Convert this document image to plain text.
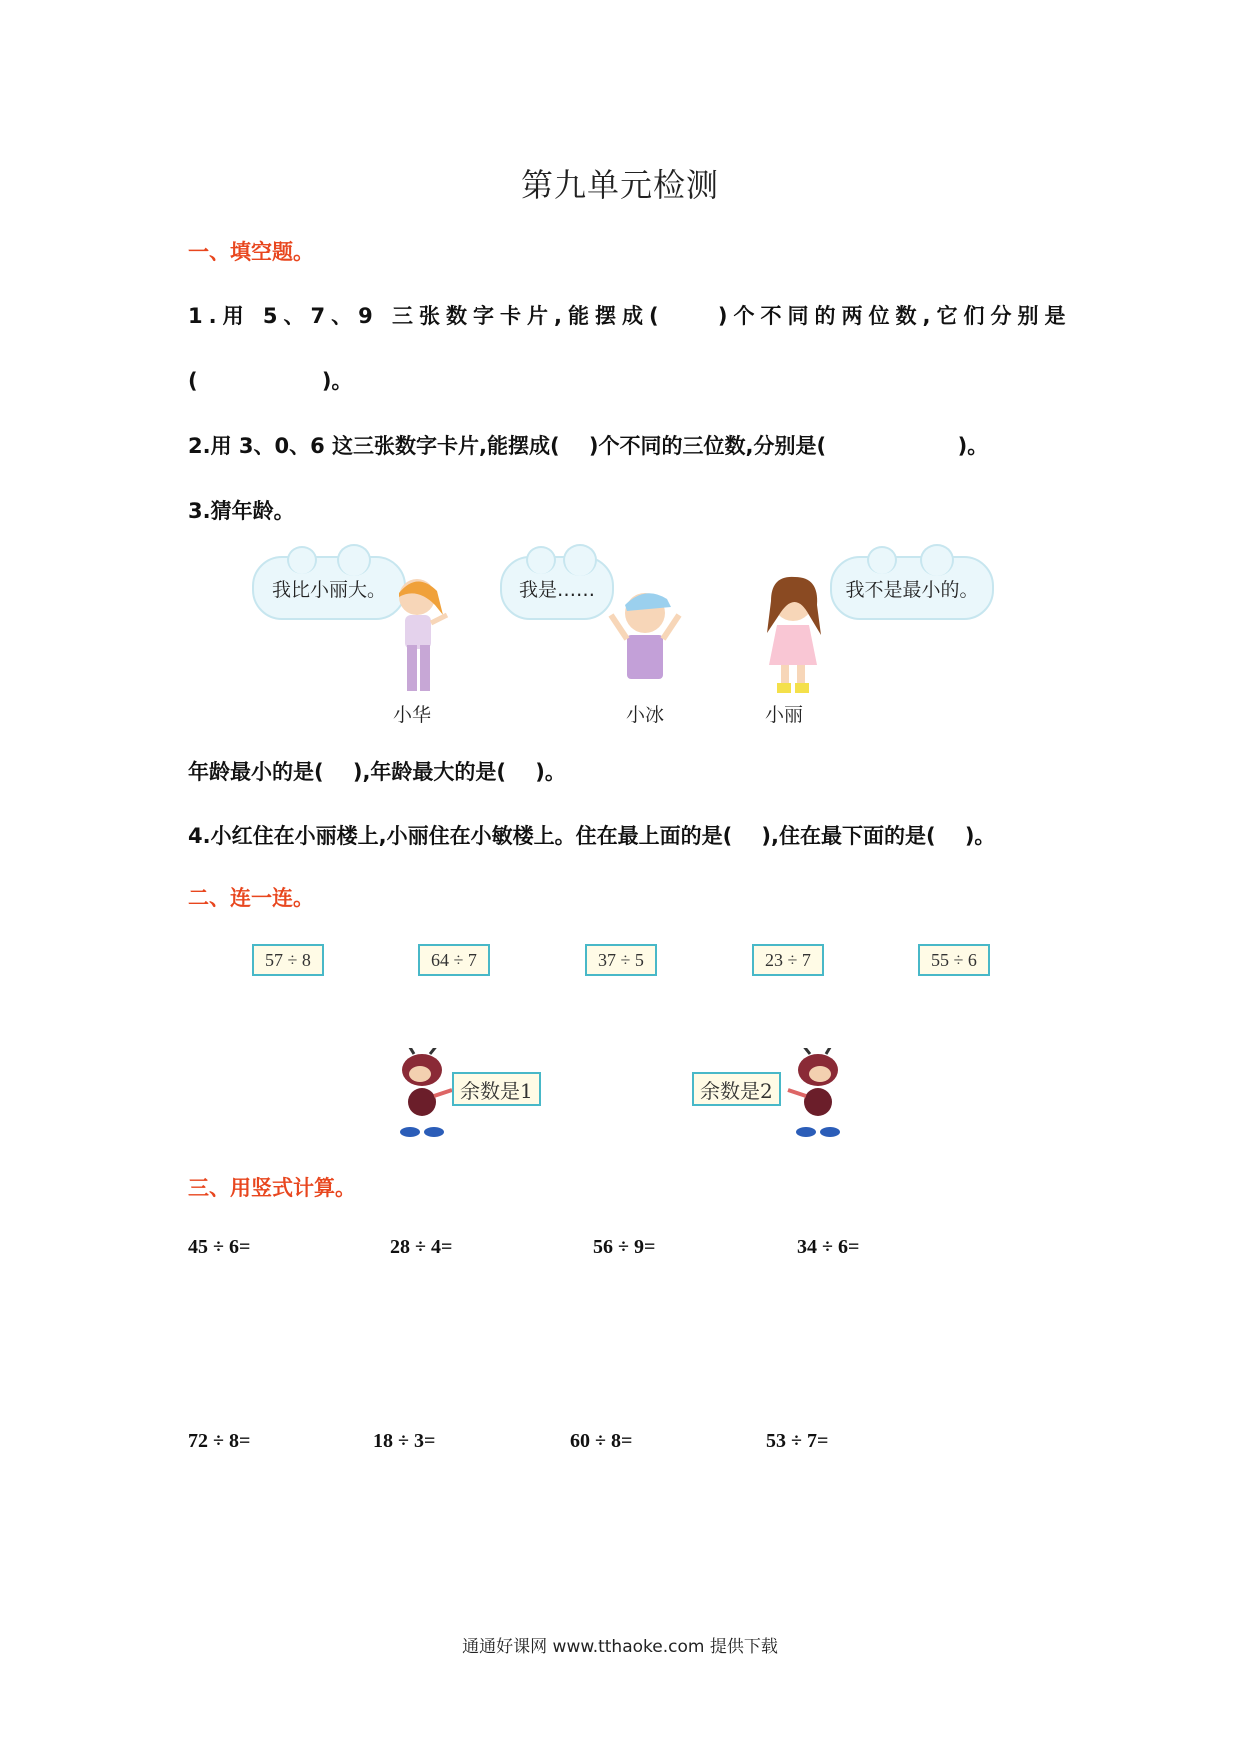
第九单元检测
一、填空题。
1.用 5、7、9 三张数字卡片,能摆成(    )个不同的两位数,它们分别是
(                 )。
2.用 3、0、6 这三张数字卡片,能摆成(    )个不同的三位数,分别是(                  )。
3.猜年龄。
我比小丽大。	我是……	我不是最小的。
小华	小冰	小丽
年龄最小的是(    ),年龄最大的是(    )。
4.小红住在小丽楼上,小丽住在小敏楼上。住在最上面的是(    ),住在最下面的是(    )。
二、连一连。
57 ÷ 8	64 ÷ 7	37 ÷ 5	23 ÷ 7	55 ÷ 6
余数是1	余数是2
三、用竖式计算。
45 ÷ 6=	28 ÷ 4=	56 ÷ 9=	34 ÷ 6=
72 ÷ 8=	18 ÷ 3=	60 ÷ 8=	53 ÷ 7=
通通好课网 www.tthaoke.com 提供下载
